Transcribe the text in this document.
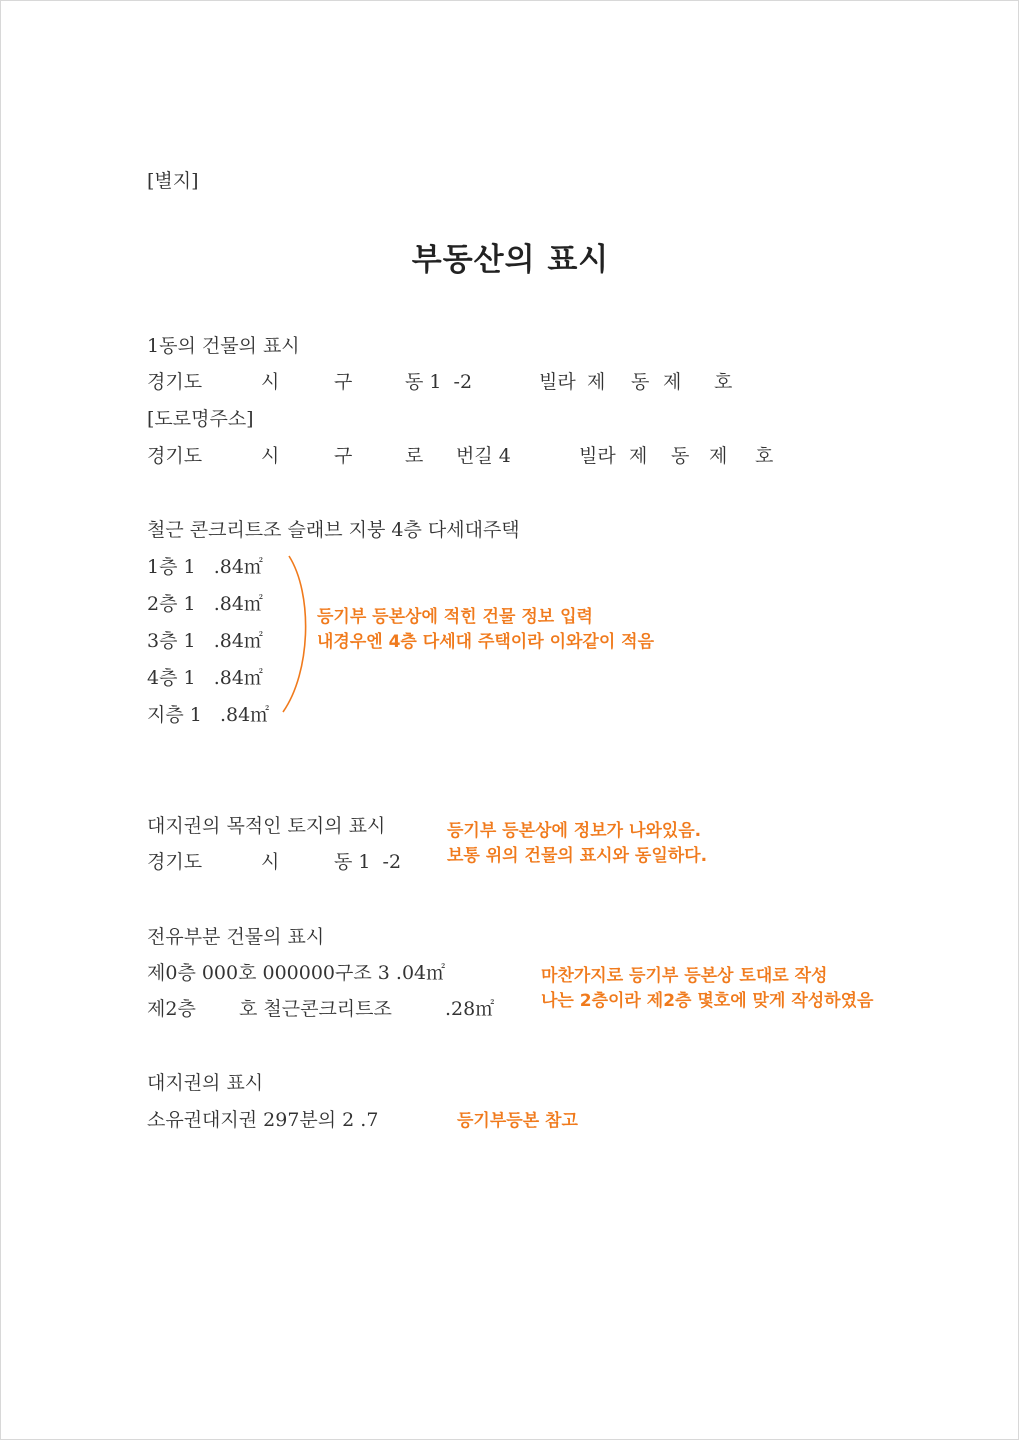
[별지]
부동산의 표시
1동의 건물의 표시
경기도	시	구	동 1  -2	빌라 제 동 제 호
[도로명주소]
경기도	시	구	로 번길 4	빌라 제 동 제 호
철근 콘크리트조 슬래브 지붕 4층 다세대주택
1층 1   .84㎡
2층 1   .84㎡
3층 1   .84㎡
4층 1   .84㎡
지층 1   .84㎡
등기부 등본상에 적힌 건물 정보 입력
내경우엔 4층 다세대 주택이라 이와같이 적음
대지권의 목적인 토지의 표시
경기도	시	동 1  -2
등기부 등본상에 정보가 나와있음.
보통 위의 건물의 표시와 동일하다.
전유부분 건물의 표시
제0층 000호 000000구조 3 .04㎡
제2층 호 철근콘크리트조	.28㎡
마찬가지로 등기부 등본상 토대로 작성
나는 2층이라 제2층 몇호에 맞게 작성하였음
대지권의 표시
소유권대지권 297분의 2 .7	등기부등본 참고
